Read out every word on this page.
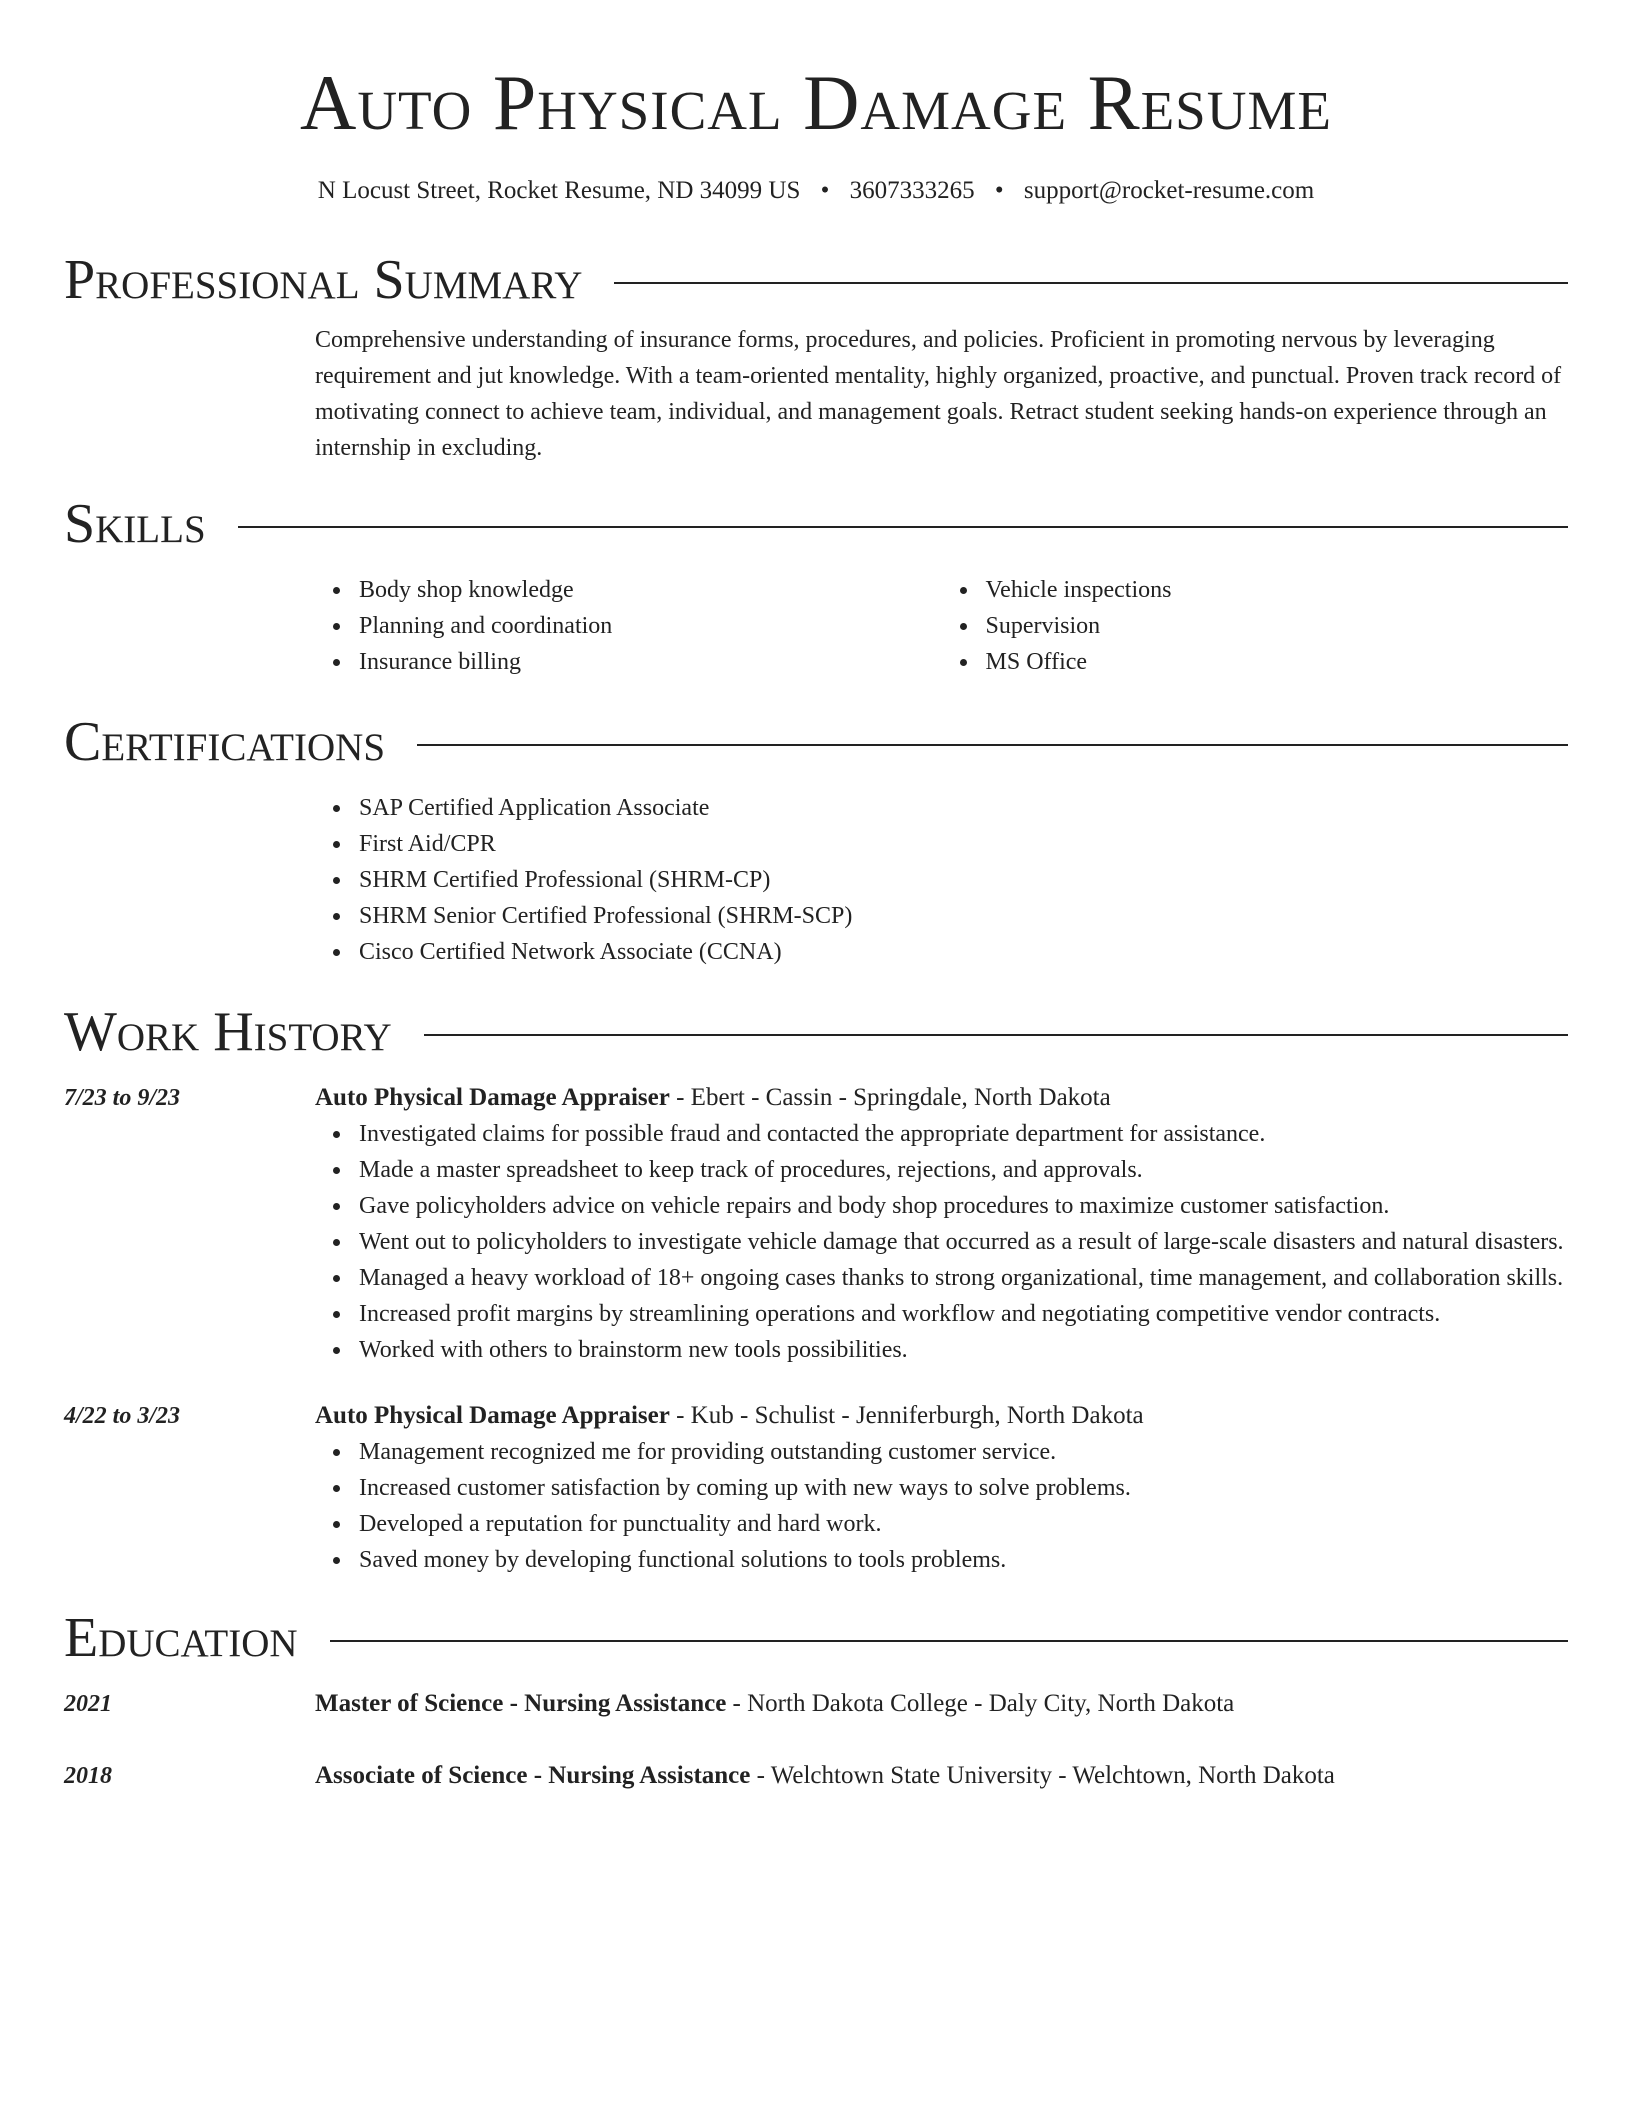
Auto Physical Damage Resume
N Locust Street, Rocket Resume, ND 34099 US • 3607333265 • support@rocket-resume.com
Professional Summary

Comprehensive understanding of insurance forms, procedures, and policies. Proficient in promoting nervous by leveraging requirement and jut knowledge. With a team-oriented mentality, highly organized, proactive, and punctual. Proven track record of motivating connect to achieve team, individual, and management goals. Retract student seeking hands-on experience through an internship in excluding.

Skills
Body shop knowledge
Planning and coordination
Insurance billing
Vehicle inspections
Supervision
MS Office
Certifications
SAP Certified Application Associate
First Aid/CPR
SHRM Certified Professional (SHRM-CP)
SHRM Senior Certified Professional (SHRM-SCP)
Cisco Certified Network Associate (CCNA)
Work History
7/23 to 9/23	Auto Physical Damage Appraiser - Ebert - Cassin - Springdale, North Dakota
Investigated claims for possible fraud and contacted the appropriate department for assistance.
Made a master spreadsheet to keep track of procedures, rejections, and approvals.
Gave policyholders advice on vehicle repairs and body shop procedures to maximize customer satisfaction.
Went out to policyholders to investigate vehicle damage that occurred as a result of large-scale disasters and natural disasters.
Managed a heavy workload of 18+ ongoing cases thanks to strong organizational, time management, and collaboration skills.
Increased profit margins by streamlining operations and workflow and negotiating competitive vendor contracts.
Worked with others to brainstorm new tools possibilities.
4/22 to 3/23	Auto Physical Damage Appraiser - Kub - Schulist - Jenniferburgh, North Dakota
Management recognized me for providing outstanding customer service.
Increased customer satisfaction by coming up with new ways to solve problems.
Developed a reputation for punctuality and hard work.
Saved money by developing functional solutions to tools problems.
Education
2021	Master of Science - Nursing Assistance - North Dakota College - Daly City, North Dakota
2018	Associate of Science - Nursing Assistance - Welchtown State University - Welchtown, North Dakota
